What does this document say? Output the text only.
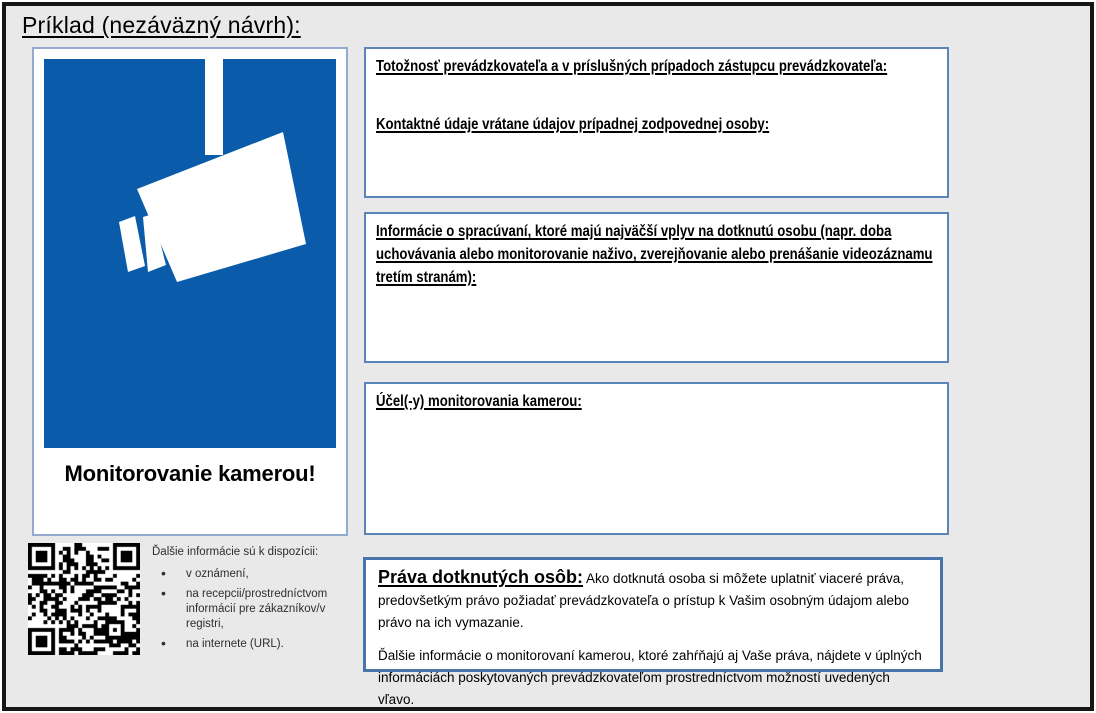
Príklad (nezáväzný návrh):
Monitorovanie kamerou!
Ďalšie informácie sú k dispozícii:
• v oznámení,
• na recepcii/prostredníctvom informácií pre zákazníkov/v registri,
• na internete (URL).
Totožnosť prevádzkovateľa a v príslušných prípadoch zástupcu prevádzkovateľa:
Kontaktné údaje vrátane údajov prípadnej zodpovednej osoby:
Informácie o spracúvaní, ktoré majú najväčší vplyv na dotknutú osobu (napr. doba uchovávania alebo monitorovanie naživo, zverejňovanie alebo prenášanie videozáznamu tretím stranám):
Účel(-y) monitorovania kamerou:

Práva dotknutých osôb: Ako dotknutá osoba si môžete uplatniť viaceré práva, predovšetkým právo požiadať prevádzkovateľa o prístup k Vašim osobným údajom alebo právo na ich vymazanie.

Ďalšie informácie o monitorovaní kamerou, ktoré zahŕňajú aj Vaše práva, nájdete v úplných informáciách poskytovaných prevádzkovateľom prostredníctvom možností uvedených vľavo.
